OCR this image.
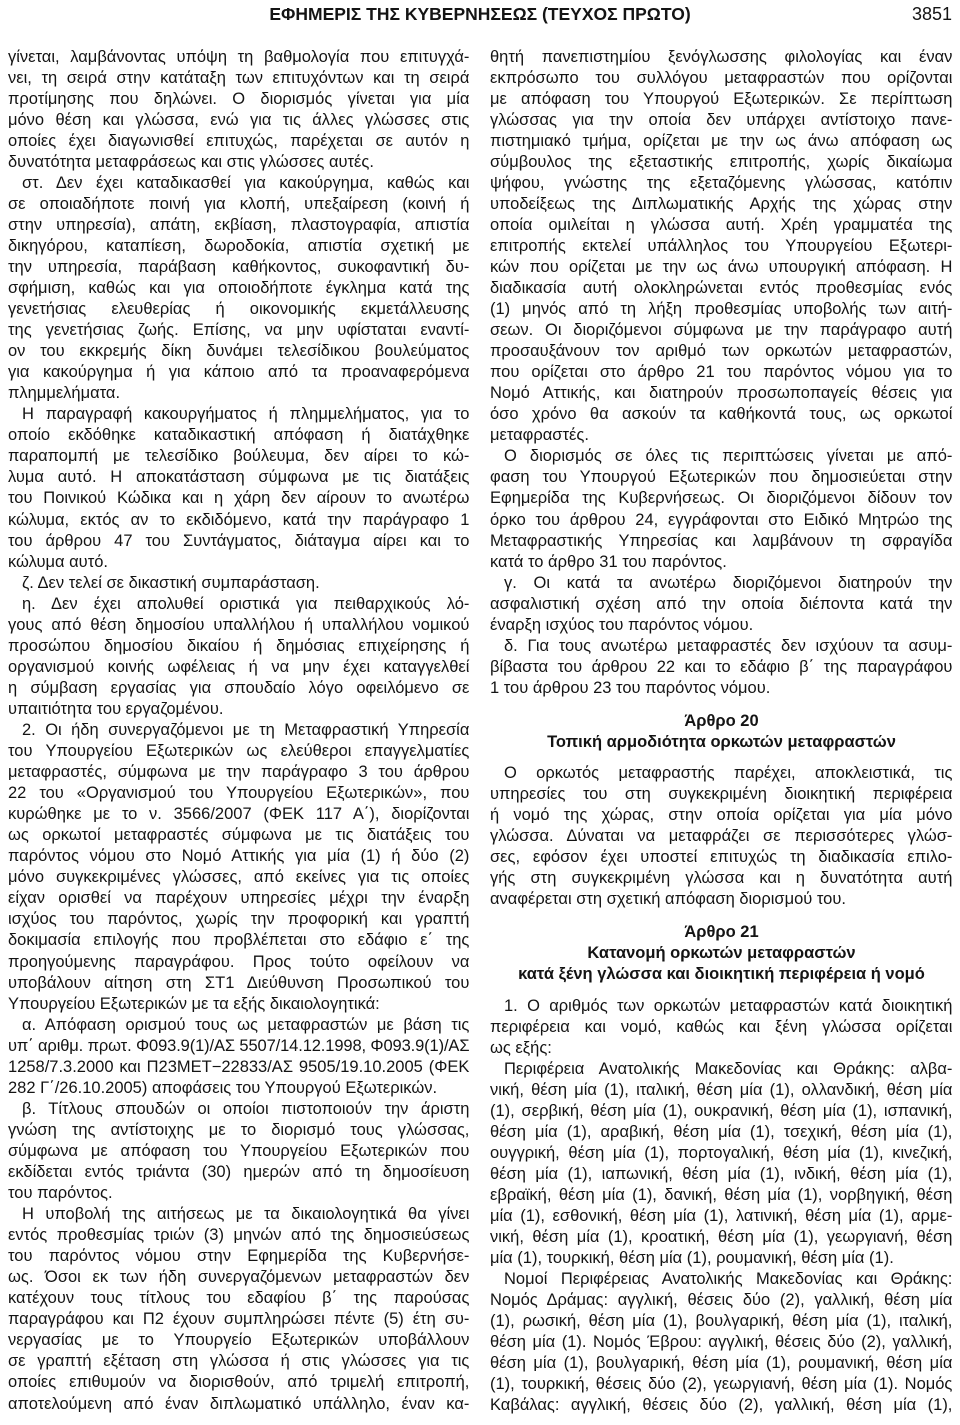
ΕΦΗΜΕΡΙΣ ΤΗΣ ΚΥΒΕΡΝΗΣΕΩΣ (ΤΕΥΧΟΣ ΠΡΩΤΟ)	3851
γίνεται, λαμβάνοντας υπόψη τη βαθμολογία που επιτυγχά-
νει, τη σειρά στην κατάταξη των επιτυχόντων και τη σειρά
προτίμησης που δηλώνει. Ο διορισμός γίνεται για μία
μόνο θέση και γλώσσα, ενώ για τις άλλες γλώσσες στις
οποίες έχει διαγωνισθεί επιτυχώς, παρέχεται σε αυτόν η
δυνατότητα μεταφράσεως και στις γλώσσες αυτές.
στ. Δεν έχει καταδικασθεί για κακούργημα, καθώς και
σε οποιαδήποτε ποινή για κλοπή, υπεξαίρεση (κοινή ή
στην υπηρεσία), απάτη, εκβίαση, πλαστογραφία, απιστία
δικηγόρου, καταπίεση, δωροδοκία, απιστία σχετική με
την υπηρεσία, παράβαση καθήκοντος, συκοφαντική δυ-
σφήμιση, καθώς και για οποιοδήποτε έγκλημα κατά της
γενετήσιας ελευθερίας ή οικονομικής εκμετάλλευσης
της γενετήσιας ζωής. Επίσης, να μην υφίσταται εναντί-
ον του εκκρεμής δίκη δυνάμει τελεσίδικου βουλεύματος
για κακούργημα ή για κάποιο από τα προαναφερόμενα
πλημμελήματα.
Η παραγραφή κακουργήματος ή πλημμελήματος, για το
οποίο εκδόθηκε καταδικαστική απόφαση ή διατάχθηκε
παραπομπή με τελεσίδικο βούλευμα, δεν αίρει το κώ-
λυμα αυτό. Η αποκατάσταση σύμφωνα με τις διατάξεις
του Ποινικού Κώδικα και η χάρη δεν αίρουν το ανωτέρω
κώλυμα, εκτός αν το εκδιδόμενο, κατά την παράγραφο 1
του άρθρου 47 του Συντάγματος, διάταγμα αίρει και το
κώλυμα αυτό.
ζ. Δεν τελεί σε δικαστική συμπαράσταση.
η. Δεν έχει απολυθεί οριστικά για πειθαρχικούς λό-
γους από θέση δημοσίου υπαλλήλου ή υπαλλήλου νομικού
προσώπου δημοσίου δικαίου ή δημόσιας επιχείρησης ή
οργανισμού κοινής ωφέλειας ή να μην έχει καταγγελθεί
η σύμβαση εργασίας για σπουδαίο λόγο οφειλόμενο σε
υπαιτιότητα του εργαζομένου.
2. Οι ήδη συνεργαζόμενοι με τη Μεταφραστική Υπηρεσία
του Υπουργείου Εξωτερικών ως ελεύθεροι επαγγελματίες
μεταφραστές, σύμφωνα με την παράγραφο 3 του άρθρου
22 του «Οργανισμού του Υπουργείου Εξωτερικών», που
κυρώθηκε με το ν. 3566/2007 (ΦΕΚ 117 Α΄), διορίζονται
ως ορκωτοί μεταφραστές σύμφωνα με τις διατάξεις του
παρόντος νόμου στο Νομό Αττικής για μία (1) ή δύο (2)
μόνο συγκεκριμένες γλώσσες, από εκείνες για τις οποίες
είχαν ορισθεί να παρέχουν υπηρεσίες μέχρι την έναρξη
ισχύος του παρόντος, χωρίς την προφορική και γραπτή
δοκιμασία επιλογής που προβλέπεται στο εδάφιο ε΄ της
προηγούμενης παραγράφου. Προς τούτο οφείλουν να
υποβάλουν αίτηση στη ΣΤ1 Διεύθυνση Προσωπικού του
Υπουργείου Εξωτερικών με τα εξής δικαιολογητικά:
α. Απόφαση ορισμού τους ως μεταφραστών με βάση τις
υπ΄ αριθμ. πρωτ. Φ093.9(1)/ΑΣ 5507/14.12.1998, Φ093.9(1)/ΑΣ
1258/7.3.2000 και Π23ΜΕΤ−22833/ΑΣ 9505/19.10.2005 (ΦΕΚ
282 Γ΄/26.10.2005) αποφάσεις του Υπουργού Εξωτερικών.
β. Τίτλους σπουδών οι οποίοι πιστοποιούν την άριστη
γνώση της αντίστοιχης με το διορισμό τους γλώσσας,
σύμφωνα με απόφαση του Υπουργείου Εξωτερικών που
εκδίδεται εντός τριάντα (30) ημερών από τη δημοσίευση
του παρόντος.
Η υποβολή της αιτήσεως με τα δικαιολογητικά θα γίνει
εντός προθεσμίας τριών (3) μηνών από της δημοσιεύσεως
του παρόντος νόμου στην Εφημερίδα της Κυβερνήσε-
ως. Όσοι εκ των ήδη συνεργαζόμενων μεταφραστών δεν
κατέχουν τους τίτλους του εδαφίου β΄ της παρούσας
παραγράφου και Π2 έχουν συμπληρώσει πέντε (5) έτη συ-
νεργασίας με το Υπουργείο Εξωτερικών υποβάλλουν
σε γραπτή εξέταση στη γλώσσα ή στις γλώσσες για τις
οποίες επιθυμούν να διορισθούν, από τριμελή επιτροπή,
αποτελούμενη από έναν διπλωματικό υπάλληλο, έναν κα-
θητή πανεπιστημίου ξενόγλωσσης φιλολογίας και έναν
εκπρόσωπο του συλλόγου μεταφραστών που ορίζονται
με απόφαση του Υπουργού Εξωτερικών. Σε περίπτωση
γλώσσας για την οποία δεν υπάρχει αντίστοιχο πανε-
πιστημιακό τμήμα, ορίζεται με την ως άνω απόφαση ως
σύμβουλος της εξεταστικής επιτροπής, χωρίς δικαίωμα
ψήφου, γνώστης της εξεταζόμενης γλώσσας, κατόπιν
υποδείξεως της Διπλωματικής Αρχής της χώρας στην
οποία ομιλείται η γλώσσα αυτή. Χρέη γραμματέα της
επιτροπής εκτελεί υπάλληλος του Υπουργείου Εξωτερι-
κών που ορίζεται με την ως άνω υπουργική απόφαση. Η
διαδικασία αυτή ολοκληρώνεται εντός προθεσμίας ενός
(1) μηνός από τη λήξη προθεσμίας υποβολής των αιτή-
σεων. Οι διοριζόμενοι σύμφωνα με την παράγραφο αυτή
προσαυξάνουν τον αριθμό των ορκωτών μεταφραστών,
που ορίζεται στο άρθρο 21 του παρόντος νόμου για το
Νομό Αττικής, και διατηρούν προσωποπαγείς θέσεις για
όσο χρόνο θα ασκούν τα καθήκοντά τους, ως ορκωτοί
μεταφραστές.
Ο διορισμός σε όλες τις περιπτώσεις γίνεται με από-
φαση του Υπουργού Εξωτερικών που δημοσιεύεται στην
Εφημερίδα της Κυβερνήσεως. Οι διοριζόμενοι δίδουν τον
όρκο του άρθρου 24, εγγράφονται στο Ειδικό Μητρώο της
Μεταφραστικής Υπηρεσίας και λαμβάνουν τη σφραγίδα
κατά το άρθρο 31 του παρόντος.
γ. Οι κατά τα ανωτέρω διοριζόμενοι διατηρούν την
ασφαλιστική σχέση από την οποία διέποντα κατά την
έναρξη ισχύος του παρόντος νόμου.
δ. Για τους ανωτέρω μεταφραστές δεν ισχύουν τα ασυμ-
βίβαστα του άρθρου 22 και το εδάφιο β΄ της παραγράφου
1 του άρθρου 23 του παρόντος νόμου.
Άρθρο 20
Τοπική αρμοδιότητα ορκωτών μεταφραστών
Ο ορκωτός μεταφραστής παρέχει, αποκλειστικά, τις
υπηρεσίες του στη συγκεκριμένη διοικητική περιφέρεια
ή νομό της χώρας, στην οποία ορίζεται για μία μόνο
γλώσσα. Δύναται να μεταφράζει σε περισσότερες γλώσ-
σες, εφόσον έχει υποστεί επιτυχώς τη διαδικασία επιλο-
γής στη συγκεκριμένη γλώσσα και η δυνατότητα αυτή
αναφέρεται στη σχετική απόφαση διορισμού του.
Άρθρο 21
Κατανομή ορκωτών μεταφραστών
κατά ξένη γλώσσα και διοικητική περιφέρεια ή νομό
1. Ο αριθμός των ορκωτών μεταφραστών κατά διοικητική
περιφέρεια και νομό, καθώς και ξένη γλώσσα ορίζεται
ως εξής:
Περιφέρεια Ανατολικής Μακεδονίας και Θράκης: αλβα-
νική, θέση μία (1), ιταλική, θέση μία (1), ολλανδική, θέση μία
(1), σερβική, θέση μία (1), ουκρανική, θέση μία (1), ισπανική,
θέση μία (1), αραβική, θέση μία (1), τσεχική, θέση μία (1),
ουγγρική, θέση μία (1), πορτογαλική, θέση μία (1), κινεζική,
θέση μία (1), ιαπωνική, θέση μία (1), ινδική, θέση μία (1),
εβραϊκή, θέση μία (1), δανική, θέση μία (1), νορβηγική, θέση
μία (1), εσθονική, θέση μία (1), λατινική, θέση μία (1), αρμε-
νική, θέση μία (1), κροατική, θέση μία (1), γεωργιανή, θέση
μία (1), τουρκική, θέση μία (1), ρουμανική, θέση μία (1).
Νομοί Περιφέρειας Ανατολικής Μακεδονίας και Θράκης:
Νομός Δράμας: αγγλική, θέσεις δύο (2), γαλλική, θέση μία
(1), ρωσική, θέση μία (1), βουλγαρική, θέση μία (1), ιταλική,
θέση μία (1). Νομός Έβρου: αγγλική, θέσεις δύο (2), γαλλική,
θέση μία (1), βουλγαρική, θέση μία (1), ρουμανική, θέση μία
(1), τουρκική, θέσεις δύο (2), γεωργιανή, θέση μία (1). Νομός
Καβάλας: αγγλική, θέσεις δύο (2), γαλλική, θέση μία (1),
